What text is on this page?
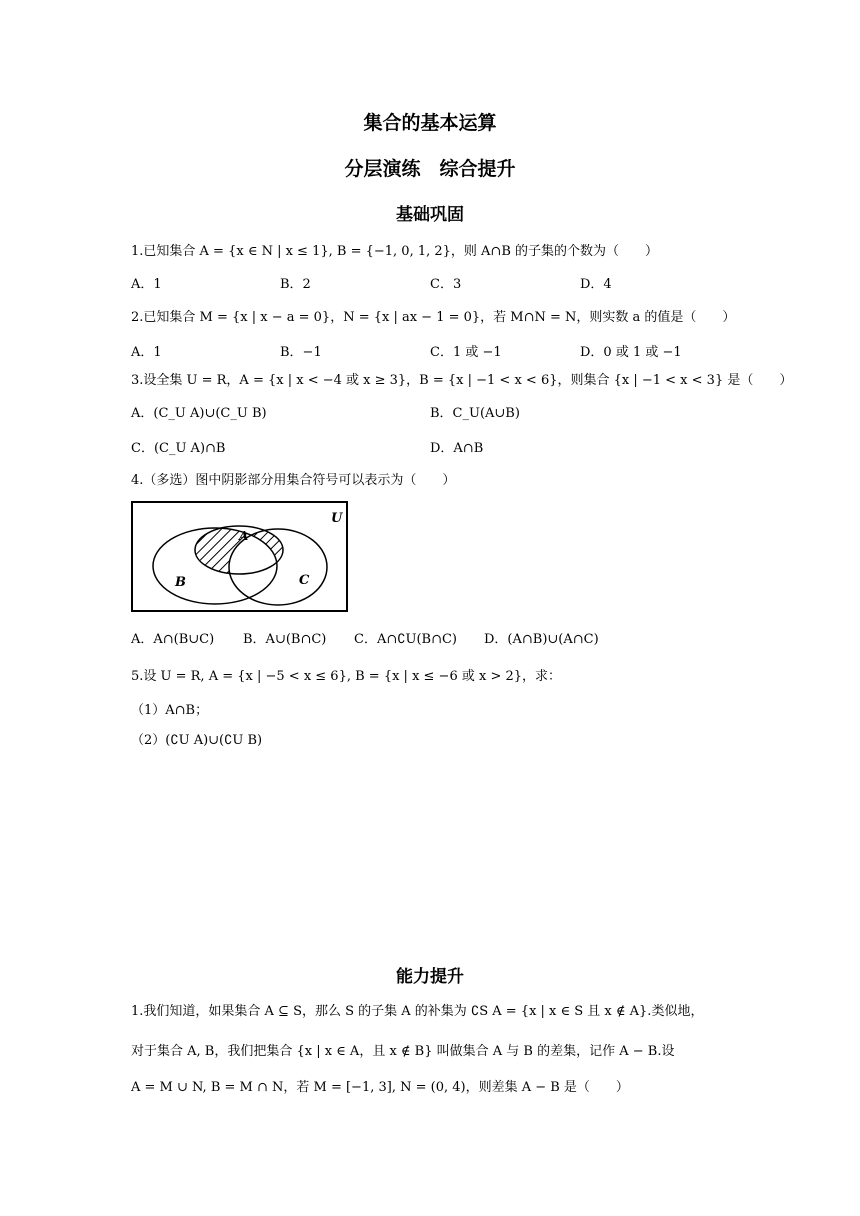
集合的基本运算
分层演练　综合提升
基础巩固
1.已知集合 A = {x ∈ N | x ≤ 1}, B = {−1, 0, 1, 2}，则 A∩B 的子集的个数为（　　）
A．1	B．2	C．3	D．4
2.已知集合 M = {x | x − a = 0}，N = {x | ax − 1 = 0}，若 M∩N = N，则实数 a 的值是（　　）
A．1	B．−1	C．1 或 −1	D．0 或 1 或 −1
3.设全集 U = R，A = {x | x < −4 或 x ≥ 3}，B = {x | −1 < x < 6}，则集合 {x | −1 < x < 3} 是（　　）
A．(C_U A)∪(C_U B)	B．C_U(A∪B)
C．(C_U A)∩B	D．A∩B
4.（多选）图中阴影部分用集合符号可以表示为（　　）
U
A
B	C
A．A∩(B∪C) B．A∪(B∩C) C．A∩∁U(B∩C) D．(A∩B)∪(A∩C)
5.设 U = R, A = {x | −5 < x ≤ 6}, B = {x | x ≤ −6 或 x > 2}，求：
（1）A∩B；
（2）(∁U A)∪(∁U B)
能力提升
1.我们知道，如果集合 A ⊆ S，那么 S 的子集 A 的补集为 ∁S A = {x | x ∈ S 且 x ∉ A}.类似地，
对于集合 A, B，我们把集合 {x | x ∈ A，且 x ∉ B} 叫做集合 A 与 B 的差集，记作 A − B.设
A = M ∪ N, B = M ∩ N，若 M = [−1, 3], N = (0, 4)，则差集 A − B 是（　　）
